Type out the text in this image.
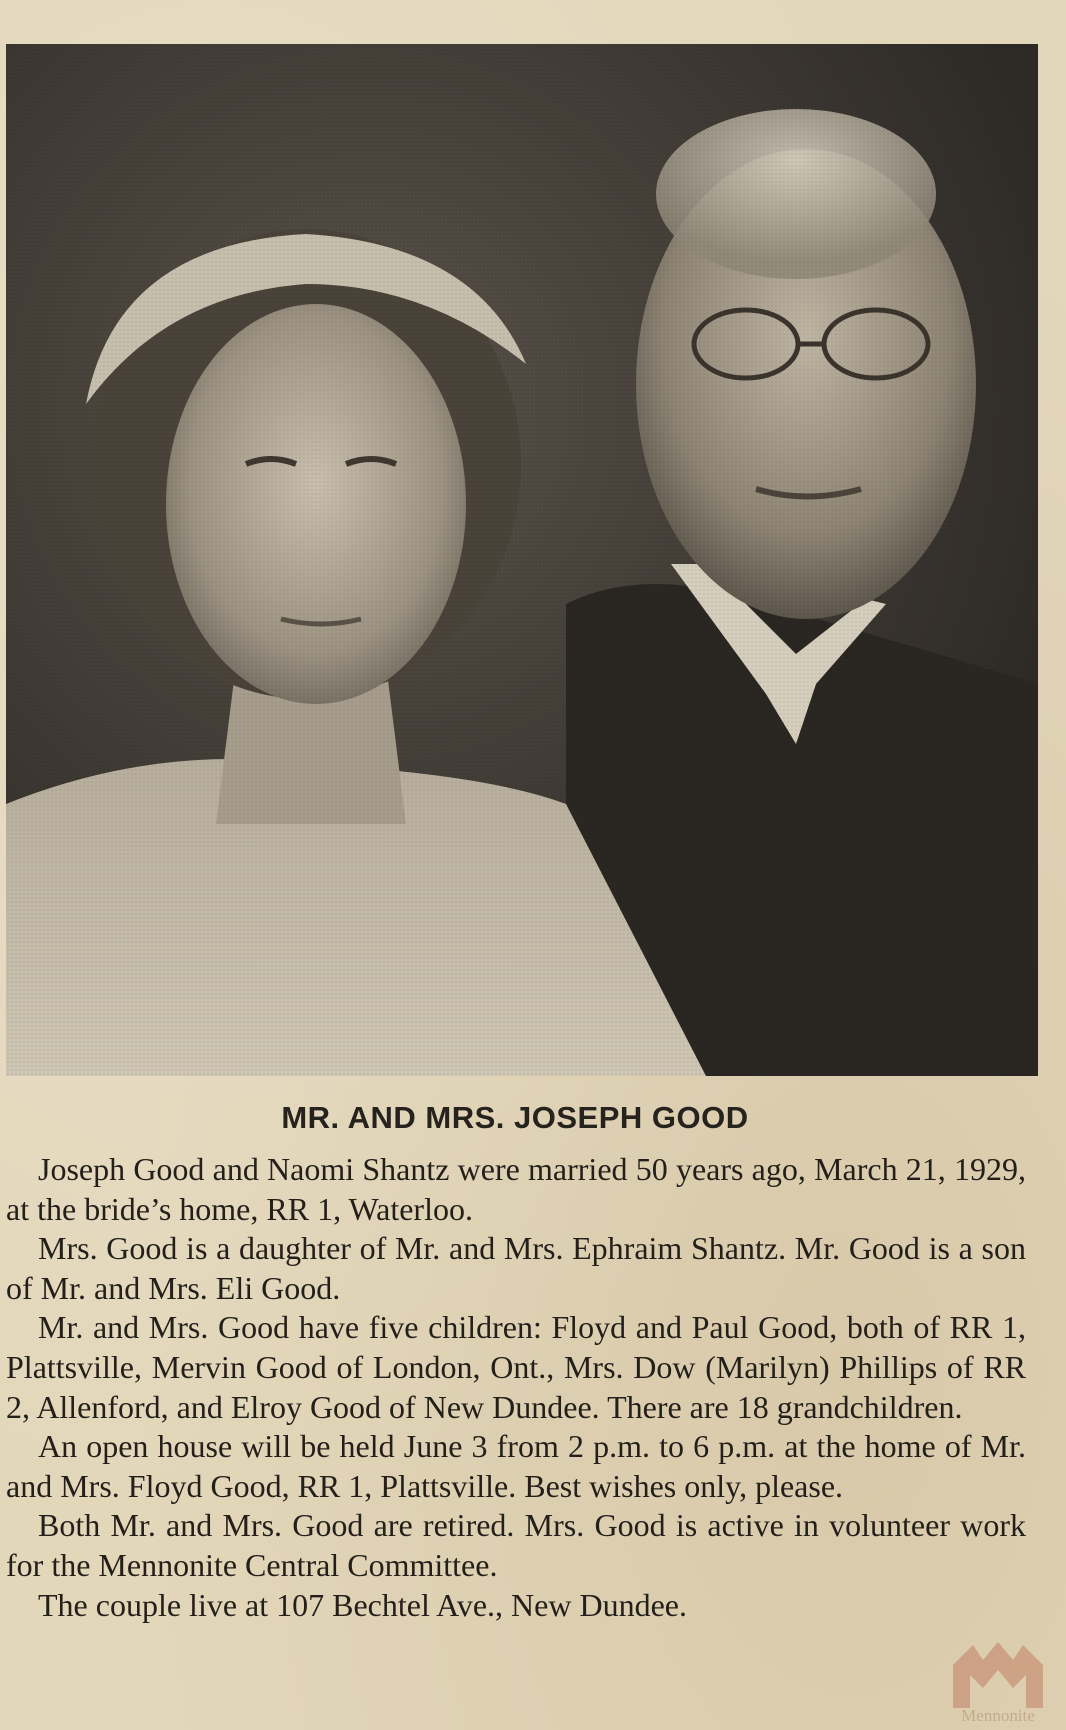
MR. AND MRS. JOSEPH GOOD

Joseph Good and Naomi Shantz were married 50 years ago, March 21, 1929, at the bride’s home, RR 1, Waterloo.

Mrs. Good is a daughter of Mr. and Mrs. Ephraim Shantz. Mr. Good is a son of Mr. and Mrs. Eli Good.

Mr. and Mrs. Good have five children: Floyd and Paul Good, both of RR 1, Plattsville, Mervin Good of London, Ont., Mrs. Dow (Marilyn) Phillips of RR 2, Allenford, and Elroy Good of New Dundee. There are 18 grandchildren.

An open house will be held June 3 from 2 p.m. to 6 p.m. at the home of Mr. and Mrs. Floyd Good, RR 1, Plattsville. Best wishes only, please.

Both Mr. and Mrs. Good are retired. Mrs. Good is active in volunteer work for the Mennonite Central Committee.

The couple live at 107 Bechtel Ave., New Dundee.

Mennonite
